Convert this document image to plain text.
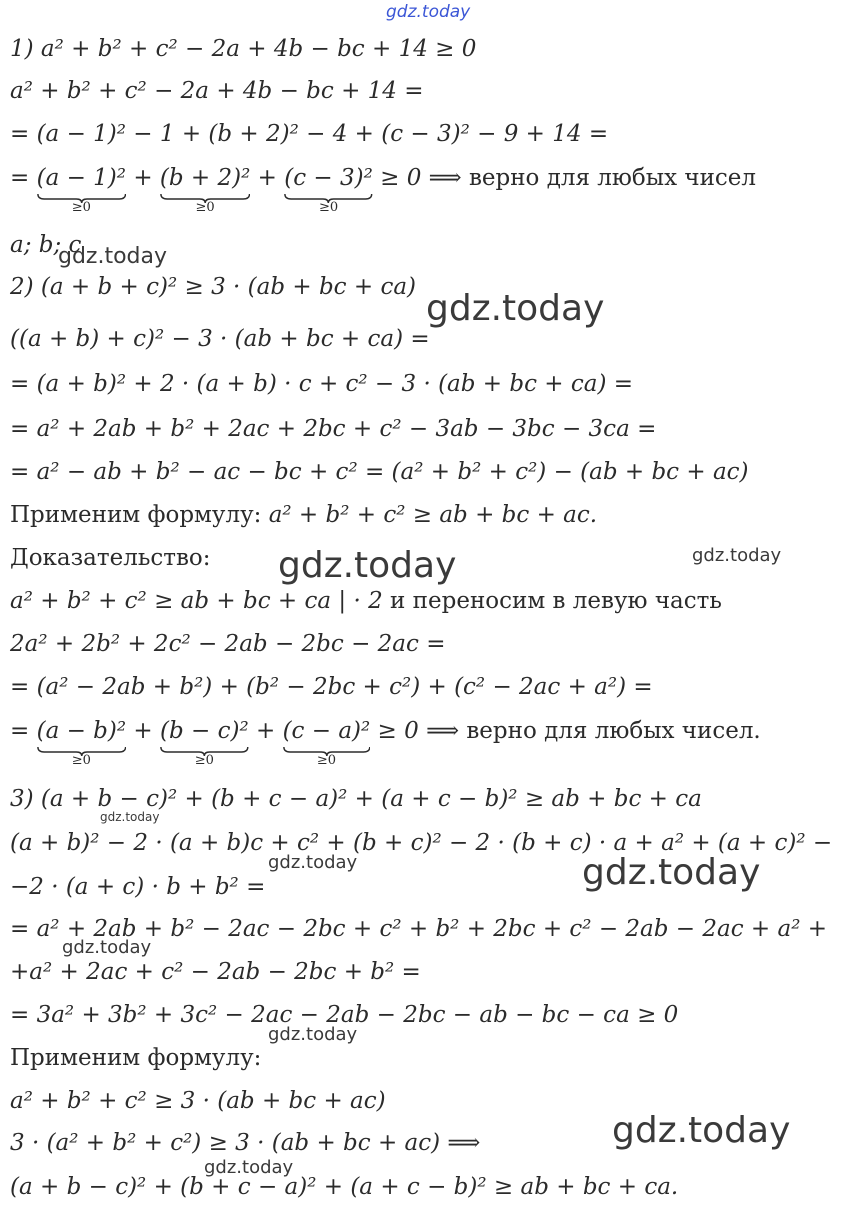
gdz.today
1) a² + b² + c² − 2a + 4b − bc + 14 ≥ 0
a² + b² + c² − 2a + 4b − bc + 14 =
= (a − 1)² − 1 + (b + 2)² − 4 + (c − 3)² − 9 + 14 =
= (a − 1)²
≥0
+ (b + 2)²
≥0
+ (c − 3)²
≥0
≥ 0 ⟹ верно для любых чисел
a; b; c
2) (a + b + c)² ≥ 3 · (ab + bc + ca)
((a + b) + c)² − 3 · (ab + bc + ca) =
= (a + b)² + 2 · (a + b) · c + c² − 3 · (ab + bc + ca) =
= a² + 2ab + b² + 2ac + 2bc + c² − 3ab − 3bc − 3ca =
= a² − ab + b² − ac − bc + c² = (a² + b² + c²) − (ab + bc + ac)
Применим формулу: a² + b² + c² ≥ ab + bc + ac.
Доказательство:
a² + b² + c² ≥ ab + bc + ca | · 2 и переносим в левую часть
2a² + 2b² + 2c² − 2ab − 2bc − 2ac =
= (a² − 2ab + b²) + (b² − 2bc + c²) + (c² − 2ac + a²) =
= (a − b)²
≥0
+ (b − c)²
≥0
+ (c − a)²
≥0
≥ 0 ⟹ верно для любых чисел.
3) (a + b − c)² + (b + c − a)² + (a + c − b)² ≥ ab + bc + ca
(a + b)² − 2 · (a + b)c + c² + (b + c)² − 2 · (b + c) · a + a² + (a + c)² −
−2 · (a + c) · b + b² =
= a² + 2ab + b² − 2ac − 2bc + c² + b² + 2bc + c² − 2ab − 2ac + a² +
+a² + 2ac + c² − 2ab − 2bc + b² =
= 3a² + 3b² + 3c² − 2ac − 2ab − 2bc − ab − bc − ca ≥ 0
Применим формулу:
a² + b² + c² ≥ 3 · (ab + bc + ac)
3 · (a² + b² + c²) ≥ 3 · (ab + bc + ac) ⟹
(a + b − c)² + (b + c − a)² + (a + c − b)² ≥ ab + bc + ca.
gdz.today
gdz.today
gdz.today	gdz.today
gdz.today
gdz.today	gdz.today
gdz.today
gdz.today
gdz.today
gdz.today
